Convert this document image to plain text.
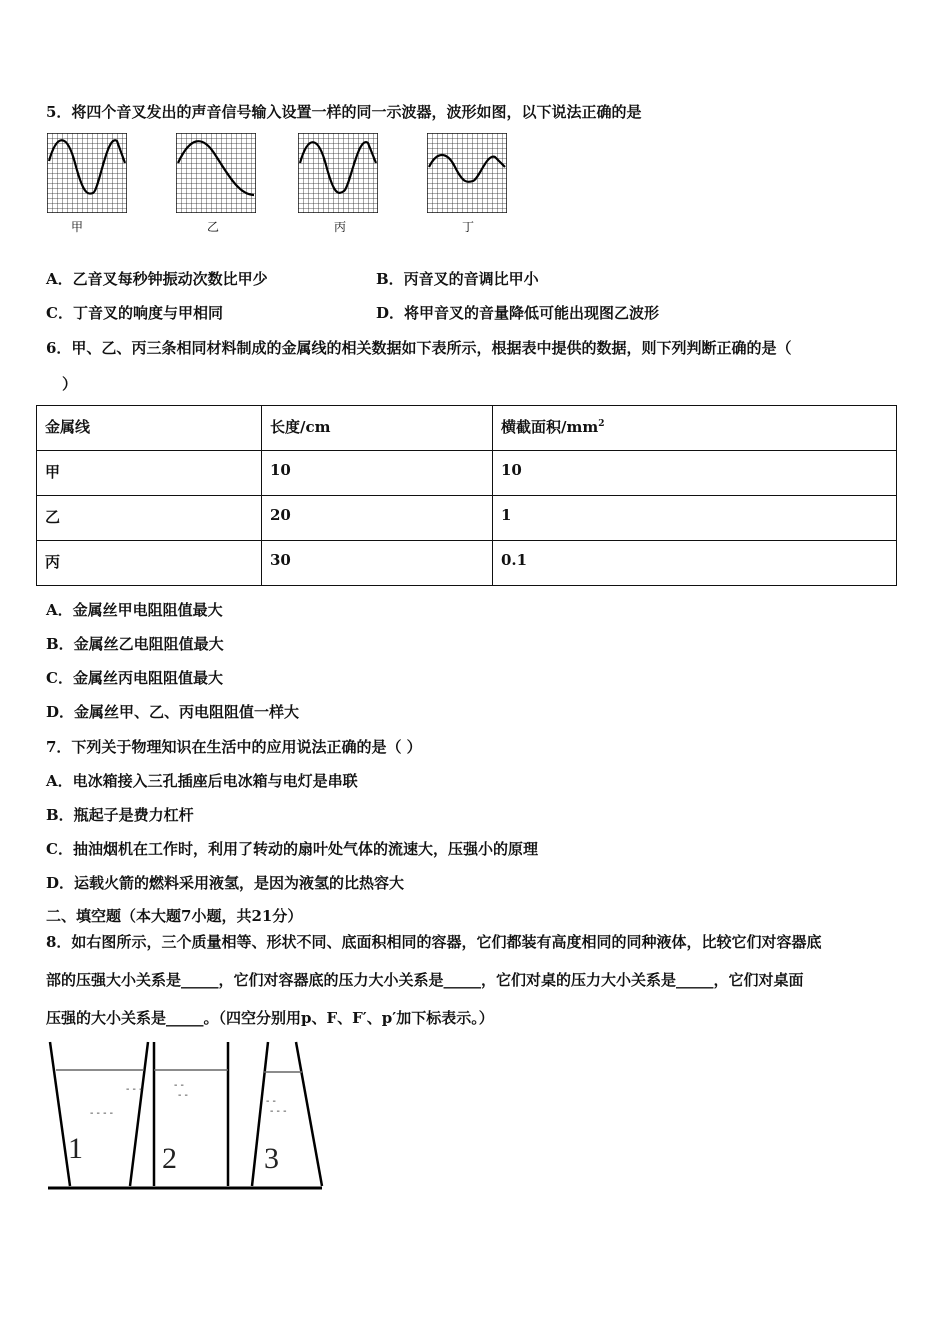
5．将四个音叉发出的声音信号输入设置一样的同一示波器，波形如图，以下说法正确的是
甲	乙	丙	丁
A．乙音叉每秒钟振动次数比甲少	B．丙音叉的音调比甲小
C．丁音叉的响度与甲相同	D．将甲音叉的音量降低可能出现图乙波形
6．甲、乙、丙三条相同材料制成的金属线的相关数据如下表所示，根据表中提供的数据，则下列判断正确的是（
）
金属线	长度/cm	横截面积$/mm^2$
甲	10	10
乙	20	1
丙	30	0.1
A．金属丝甲电阻阻值最大
B．金属丝乙电阻阻值最大
C．金属丝丙电阻阻值最大
D．金属丝甲、乙、丙电阻阻值一样大
7．下列关于物理知识在生活中的应用说法正确的是（ ）
A．电冰箱接入三孔插座后电冰箱与电灯是串联
B．瓶起子是费力杠杆
C．抽油烟机在工作时，利用了转动的扇叶处气体的流速大，压强小的原理
D．运载火箭的燃料采用液氢，是因为液氢的比热容大
二、填空题（本大题7小题，共21分）
8．如右图所示，三个质量相等、形状不同、底面积相同的容器，它们都装有高度相同的同种液体，比较它们对容器底
部的压强大小关系是_____，它们对容器底的压力大小关系是_____，它们对桌的压力大小关系是_____，它们对桌面
压强的大小关系是_____。（四空分别用p、F、F′、p′加下标表示。）
- - -
- - - -
1
- -
- -
2
- -
- - -
3
